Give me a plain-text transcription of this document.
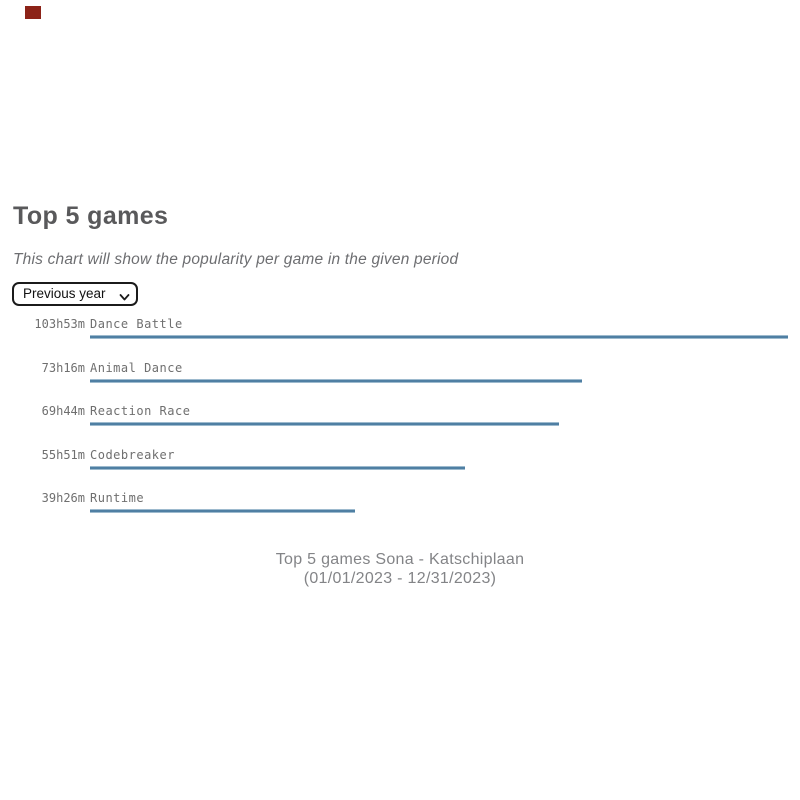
Top 5 games

This chart will show the popularity per game in the given period

Previous year
103h53m Dance Battle
73h16m Animal Dance
69h44m Reaction Race
55h51m Codebreaker
39h26m Runtime
Top 5 games Sona - Katschiplaan
(01/01/2023 - 12/31/2023)
